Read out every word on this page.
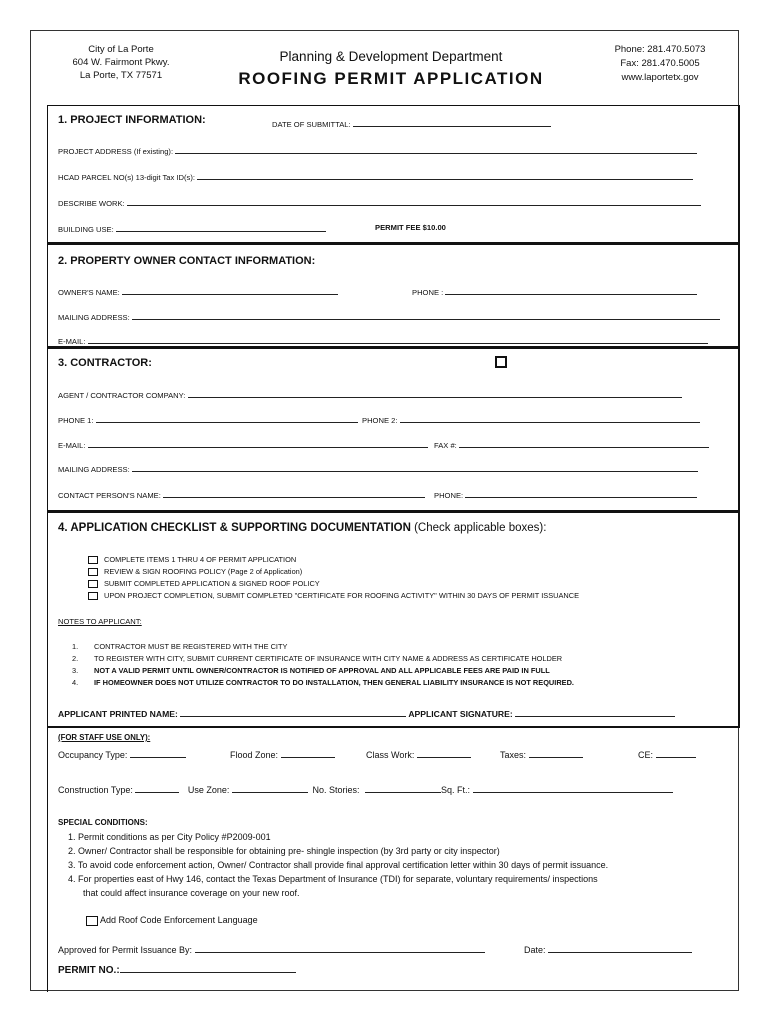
City of La Porte
604 W. Fairmont Pkwy.
La Porte, TX 77571
Planning & Development Department
ROOFING PERMIT APPLICATION
Phone: 281.470.5073
Fax: 281.470.5005
www.laportetx.gov
1. PROJECT INFORMATION:	DATE OF SUBMITTAL:
PROJECT ADDRESS (If existing):
HCAD PARCEL NO(s) 13-digit Tax ID(s):
DESCRIBE WORK:
BUILDING USE:	PERMIT FEE $10.00
2. PROPERTY OWNER CONTACT INFORMATION:
OWNER'S NAME:	PHONE :
MAILING ADDRESS:
E-MAIL:
3. CONTRACTOR:
AGENT / CONTRACTOR COMPANY:
PHONE 1:	PHONE 2:
E-MAIL:	FAX #:
MAILING ADDRESS:
CONTACT PERSON'S NAME:	PHONE:
4. APPLICATION CHECKLIST & SUPPORTING DOCUMENTATION (Check applicable boxes):
COMPLETE ITEMS 1 THRU 4 OF PERMIT APPLICATION
REVIEW & SIGN ROOFING POLICY (Page 2 of Application)
SUBMIT COMPLETED APPLICATION & SIGNED ROOF POLICY
UPON PROJECT COMPLETION, SUBMIT COMPLETED "CERTIFICATE FOR ROOFING ACTIVITY" WITHIN 30 DAYS OF PERMIT ISSUANCE
NOTES TO APPLICANT:
1. CONTRACTOR MUST BE REGISTERED WITH THE CITY
2. TO REGISTER WITH CITY, SUBMIT CURRENT CERTIFICATE OF INSURANCE WITH CITY NAME & ADDRESS AS CERTIFICATE HOLDER
3. NOT A VALID PERMIT UNTIL OWNER/CONTRACTOR IS NOTIFIED OF APPROVAL AND ALL APPLICABLE FEES ARE PAID IN FULL
4. IF HOMEOWNER DOES NOT UTILIZE CONTRACTOR TO DO INSTALLATION, THEN GENERAL LIABILITY INSURANCE IS NOT REQUIRED.
APPLICANT PRINTED NAME:	APPLICANT SIGNATURE:
(FOR STAFF USE ONLY):
Occupancy Type:	Flood Zone:	Class Work:	Taxes:	CE:
Construction Type:	Use Zone:	No. Stories:	Sq. Ft.:
SPECIAL CONDITIONS:
1. Permit conditions as per City Policy #P2009-001
2. Owner/ Contractor shall be responsible for obtaining pre- shingle inspection (by 3rd party or city inspector)
3. To avoid code enforcement action, Owner/ Contractor shall provide final approval certification letter within 30 days of permit issuance.
4. For properties east of Hwy 146, contact the Texas Department of Insurance (TDI) for separate, voluntary requirements/ inspections
that could affect insurance coverage on your new roof.
Add Roof Code Enforcement Language
Approved for Permit Issuance By:	Date:
PERMIT NO.:
